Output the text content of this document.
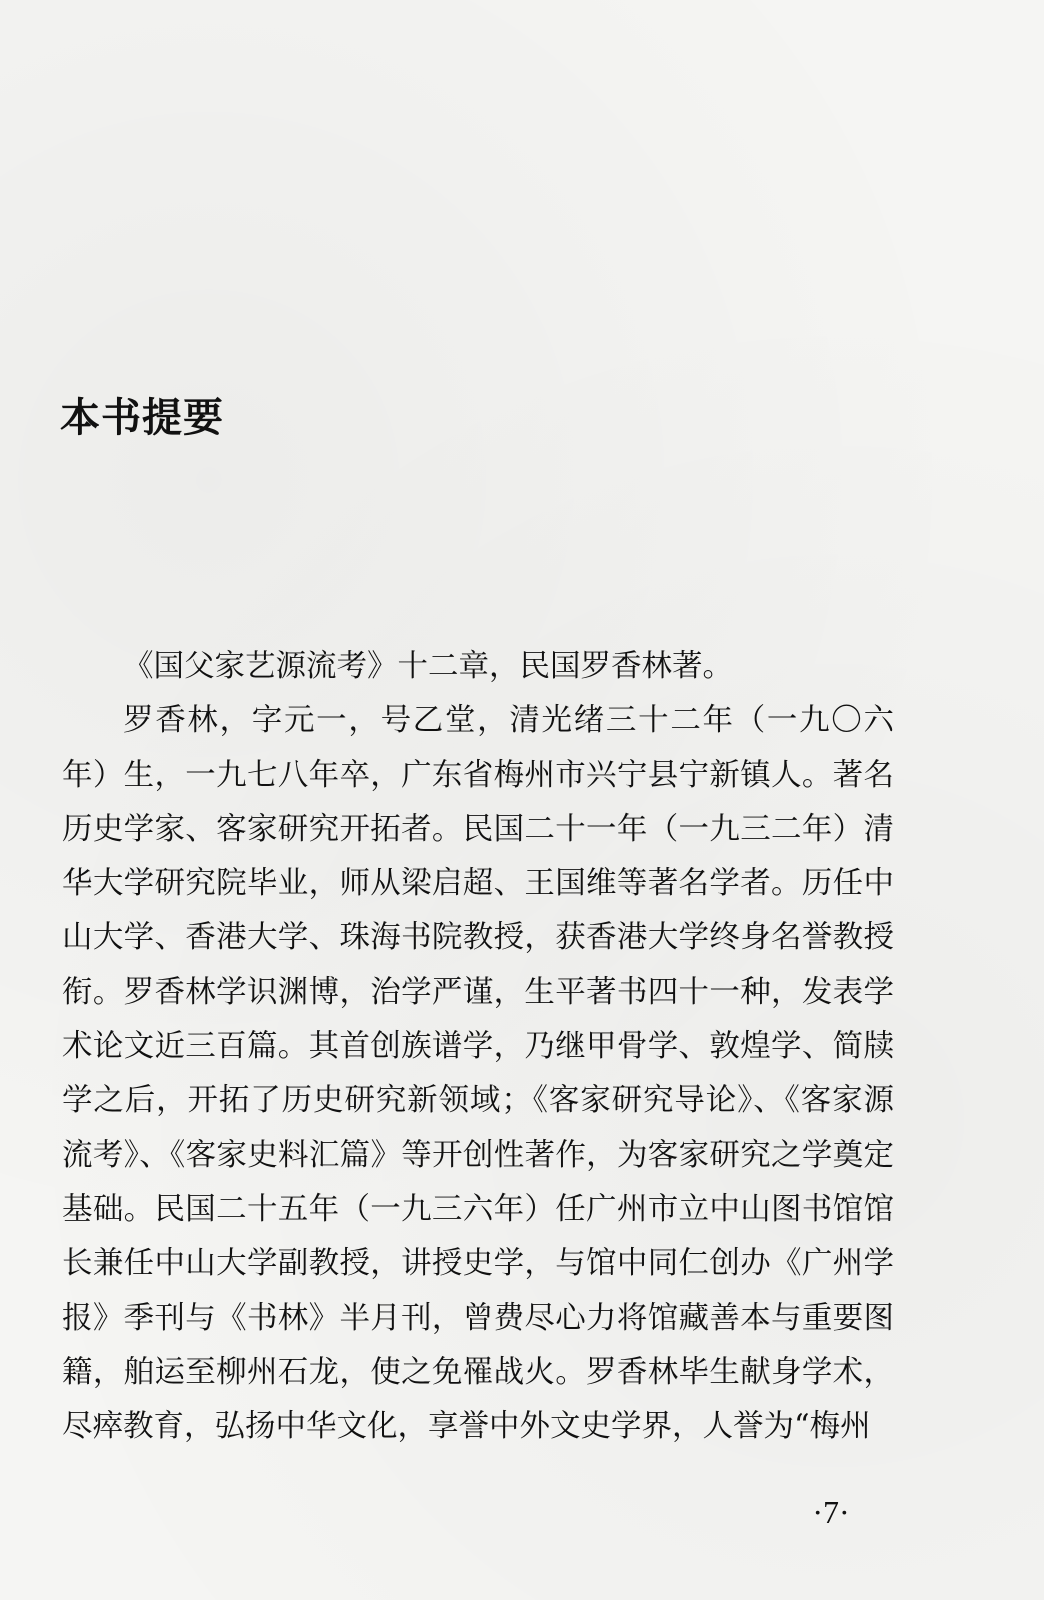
本书提要

《国父家艺源流考》十二章，民国罗香林著。

罗香林，字元一，号乙堂，清光绪三十二年（一九〇六年）生，一九七八年卒，广东省梅州市兴宁县宁新镇人。著名历史学家、客家研究开拓者。民国二十一年（一九三二年）清华大学研究院毕业，师从梁启超、王国维等著名学者。历任中山大学、香港大学、珠海书院教授，获香港大学终身名誉教授衔。罗香林学识渊博，治学严谨，生平著书四十一种，发表学术论文近三百篇。其首创族谱学，乃继甲骨学、敦煌学、简牍学之后，开拓了历史研究新领域；《客家研究导论》、《客家源流考》、《客家史料汇篇》等开创性著作，为客家研究之学奠定基础。民国二十五年（一九三六年）任广州市立中山图书馆馆长兼任中山大学副教授，讲授史学，与馆中同仁创办《广州学报》季刊与《书林》半月刊，曾费尽心力将馆藏善本与重要图籍，舶运至柳州石龙，使之免罹战火。罗香林毕生献身学术，尽瘁教育，弘扬中华文化，享誉中外文史学界，人誉为“梅州

·7·
